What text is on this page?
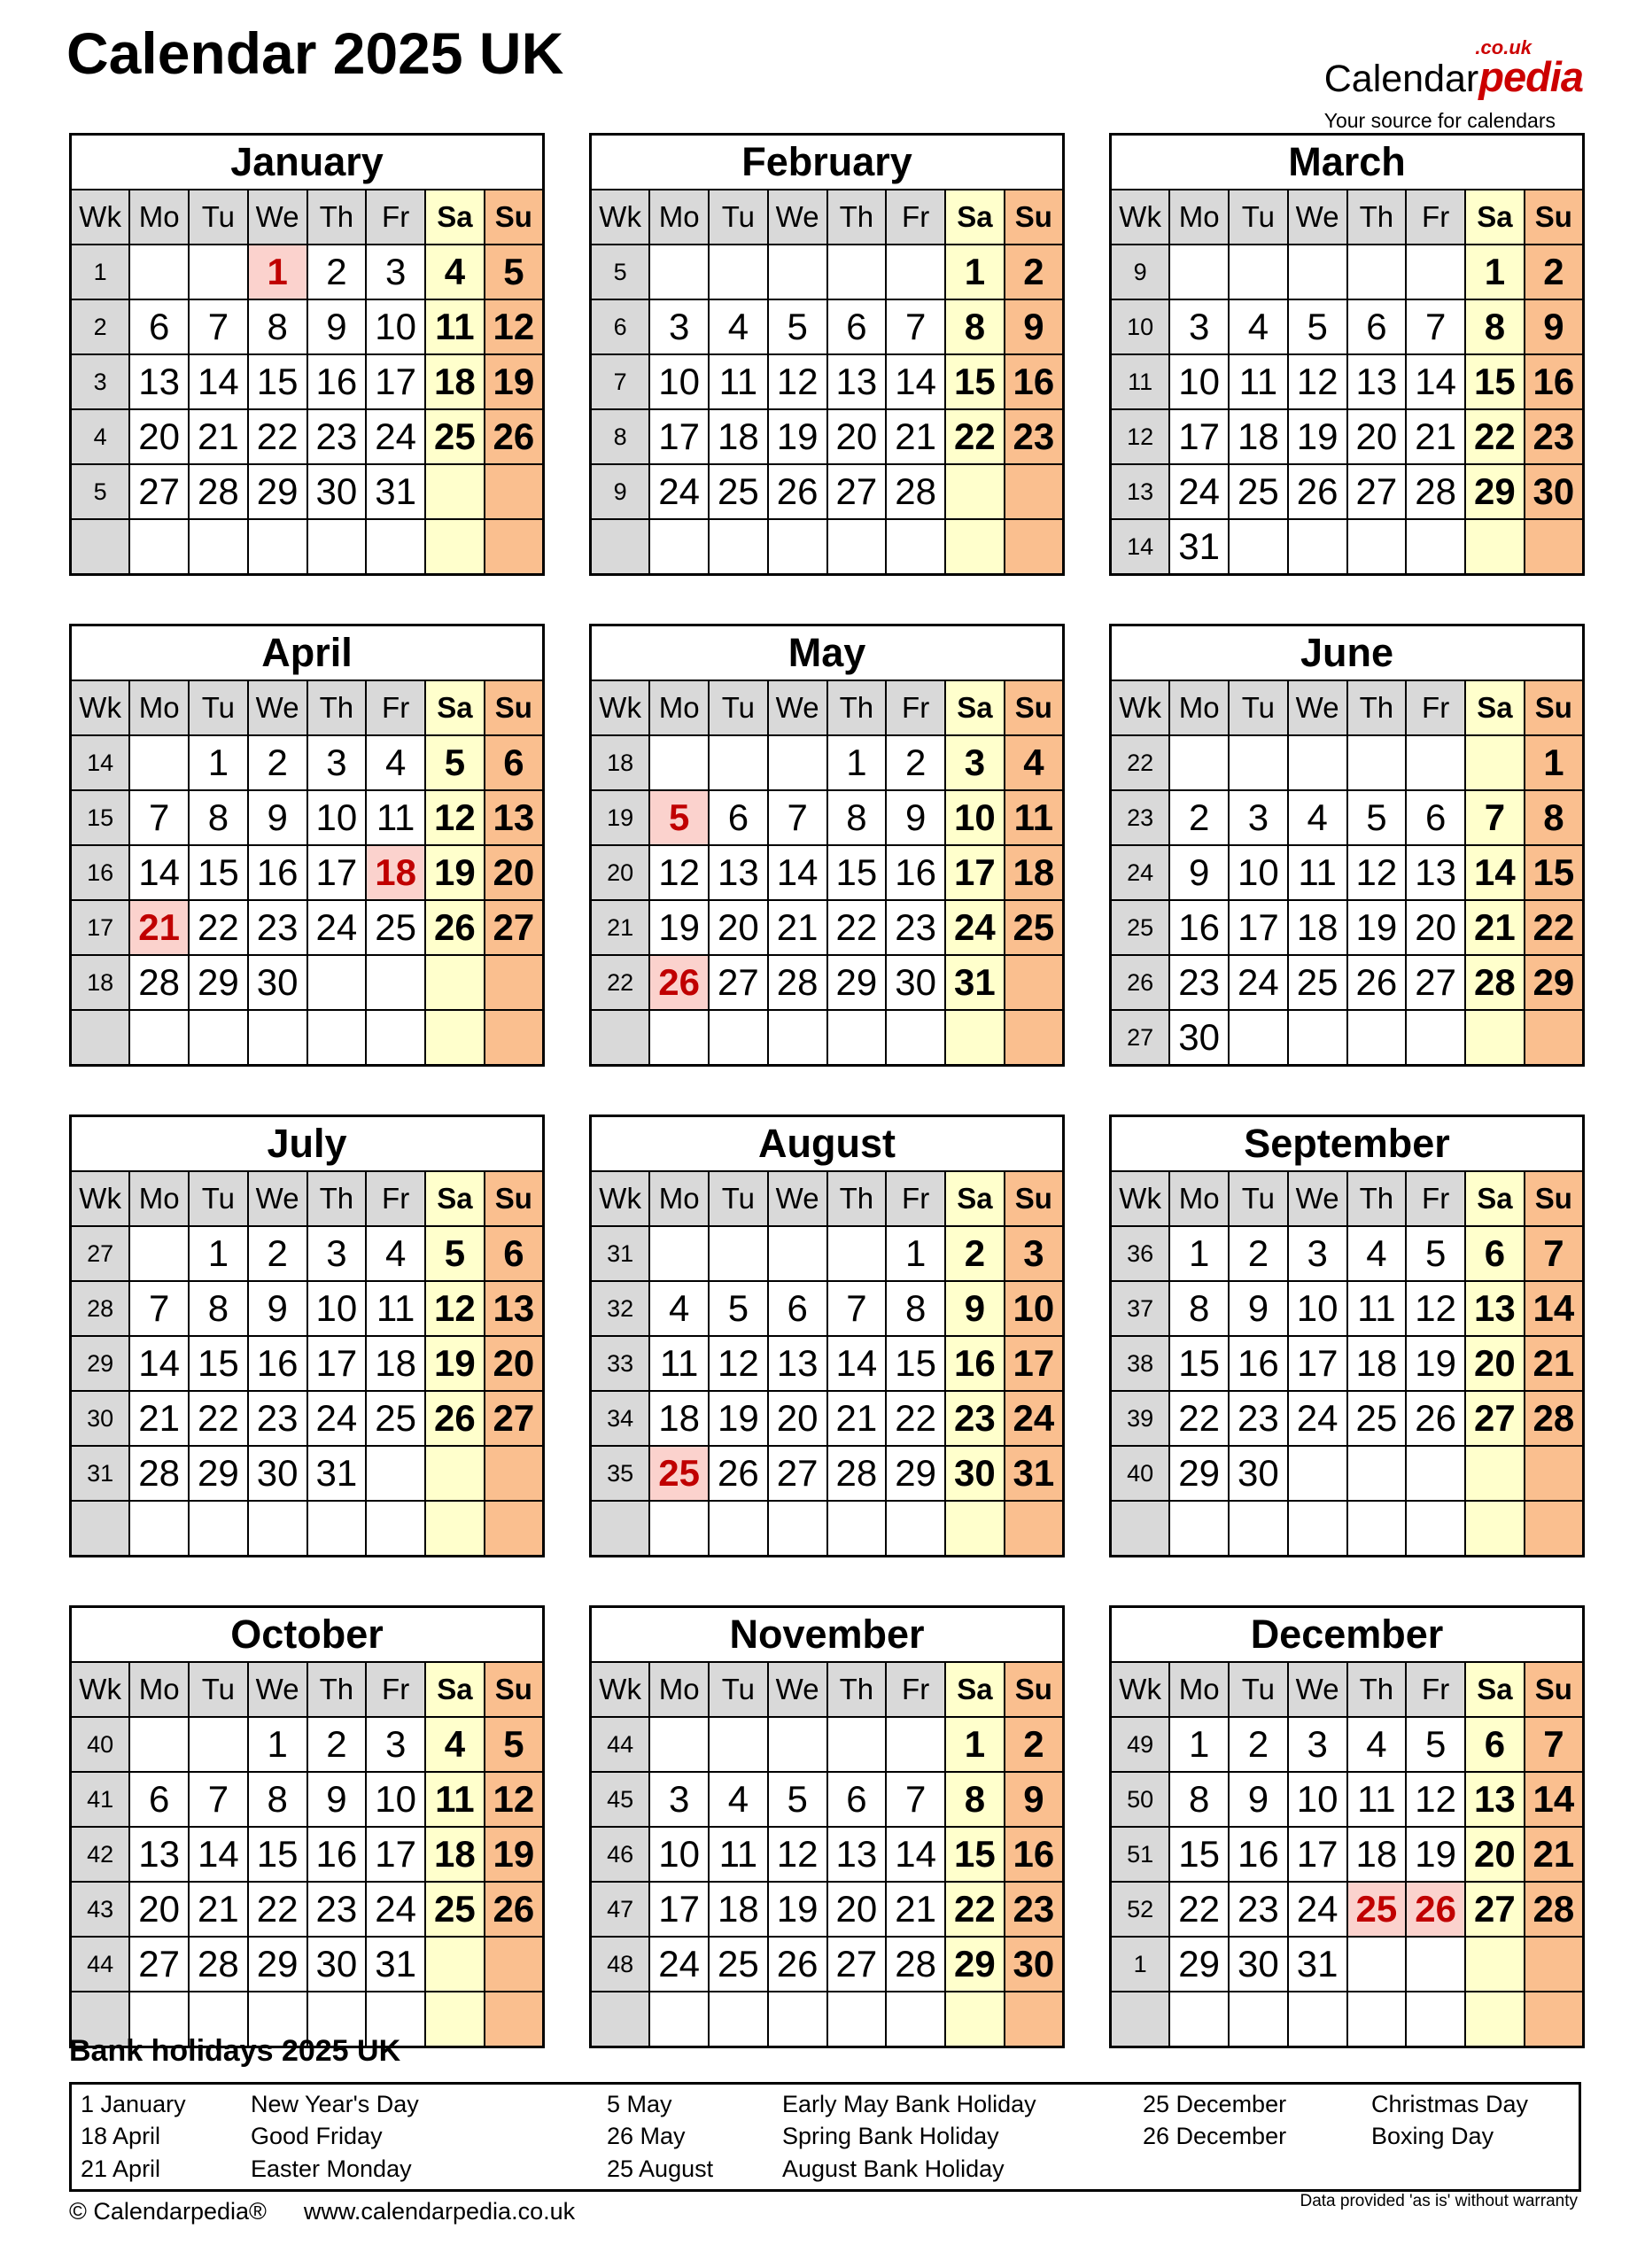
Calendar 2025 UK	.co.uk
Calendarpedia
Your source for calendars
January							
Wk	Mo	Tu	We	Th	Fr	Sa	Su
1			1	2	3	4	5
2	6	7	8	9	10	11	12
3	13	14	15	16	17	18	19
4	20	21	22	23	24	25	26
5	27	28	29	30	31		

February							
Wk	Mo	Tu	We	Th	Fr	Sa	Su
5						1	2
6	3	4	5	6	7	8	9
7	10	11	12	13	14	15	16
8	17	18	19	20	21	22	23
9	24	25	26	27	28		

March							
Wk	Mo	Tu	We	Th	Fr	Sa	Su
9						1	2
10	3	4	5	6	7	8	9
11	10	11	12	13	14	15	16
12	17	18	19	20	21	22	23
13	24	25	26	27	28	29	30
14	31						
April							
Wk	Mo	Tu	We	Th	Fr	Sa	Su
14		1	2	3	4	5	6
15	7	8	9	10	11	12	13
16	14	15	16	17	18	19	20
17	21	22	23	24	25	26	27
18	28	29	30				

May							
Wk	Mo	Tu	We	Th	Fr	Sa	Su
18				1	2	3	4
19	5	6	7	8	9	10	11
20	12	13	14	15	16	17	18
21	19	20	21	22	23	24	25
22	26	27	28	29	30	31	

June							
Wk	Mo	Tu	We	Th	Fr	Sa	Su
22							1
23	2	3	4	5	6	7	8
24	9	10	11	12	13	14	15
25	16	17	18	19	20	21	22
26	23	24	25	26	27	28	29
27	30						
July							
Wk	Mo	Tu	We	Th	Fr	Sa	Su
27		1	2	3	4	5	6
28	7	8	9	10	11	12	13
29	14	15	16	17	18	19	20
30	21	22	23	24	25	26	27
31	28	29	30	31			

August							
Wk	Mo	Tu	We	Th	Fr	Sa	Su
31					1	2	3
32	4	5	6	7	8	9	10
33	11	12	13	14	15	16	17
34	18	19	20	21	22	23	24
35	25	26	27	28	29	30	31

September							
Wk	Mo	Tu	We	Th	Fr	Sa	Su
36	1	2	3	4	5	6	7
37	8	9	10	11	12	13	14
38	15	16	17	18	19	20	21
39	22	23	24	25	26	27	28
40	29	30					

October							
Wk	Mo	Tu	We	Th	Fr	Sa	Su
40			1	2	3	4	5
41	6	7	8	9	10	11	12
42	13	14	15	16	17	18	19
43	20	21	22	23	24	25	26
44	27	28	29	30	31		

November							
Wk	Mo	Tu	We	Th	Fr	Sa	Su
44						1	2
45	3	4	5	6	7	8	9
46	10	11	12	13	14	15	16
47	17	18	19	20	21	22	23
48	24	25	26	27	28	29	30

December							
Wk	Mo	Tu	We	Th	Fr	Sa	Su
49	1	2	3	4	5	6	7
50	8	9	10	11	12	13	14
51	15	16	17	18	19	20	21
52	22	23	24	25	26	27	28
1	29	30	31				

Bank holidays 2025 UK
1 January	New Year's Day	5 May	Early May Bank Holiday	25 December	Christmas Day
18 April	Good Friday	26 May	Spring Bank Holiday	26 December	Boxing Day
21 April	Easter Monday	25 August	August Bank Holiday
© Calendarpedia® www.calendarpedia.co.uk	Data provided 'as is' without warranty
